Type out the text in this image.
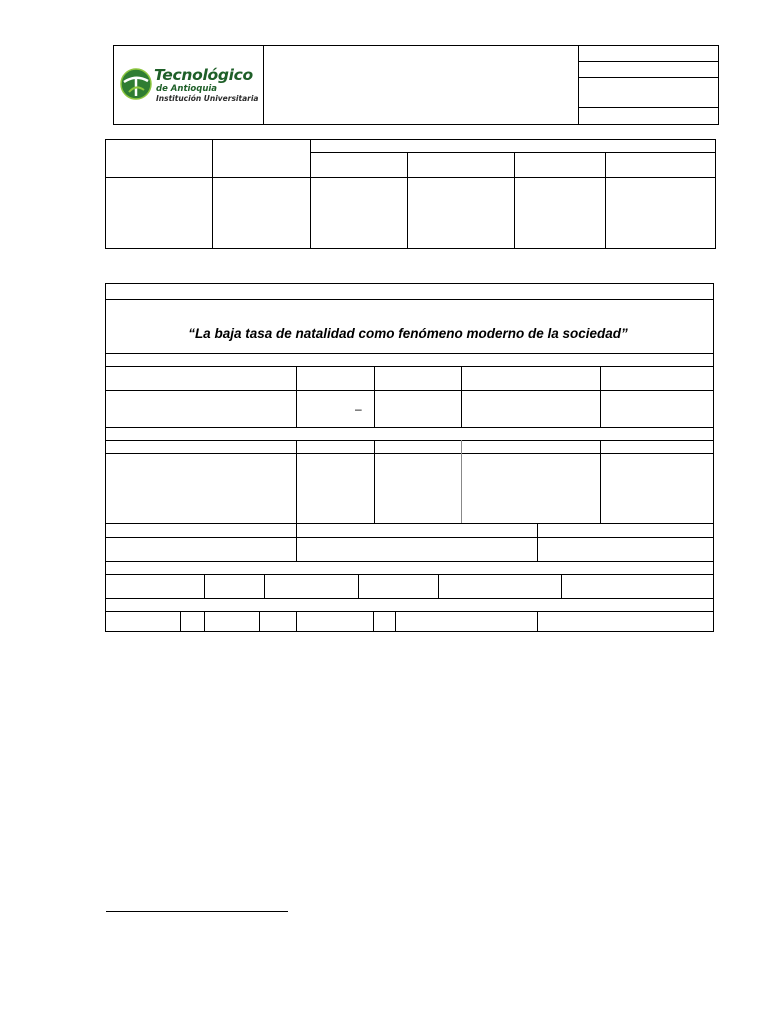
Tecnológico
de Antioquia
Institución Universitaria
“La baja tasa de natalidad como fenómeno moderno de la sociedad”
–
